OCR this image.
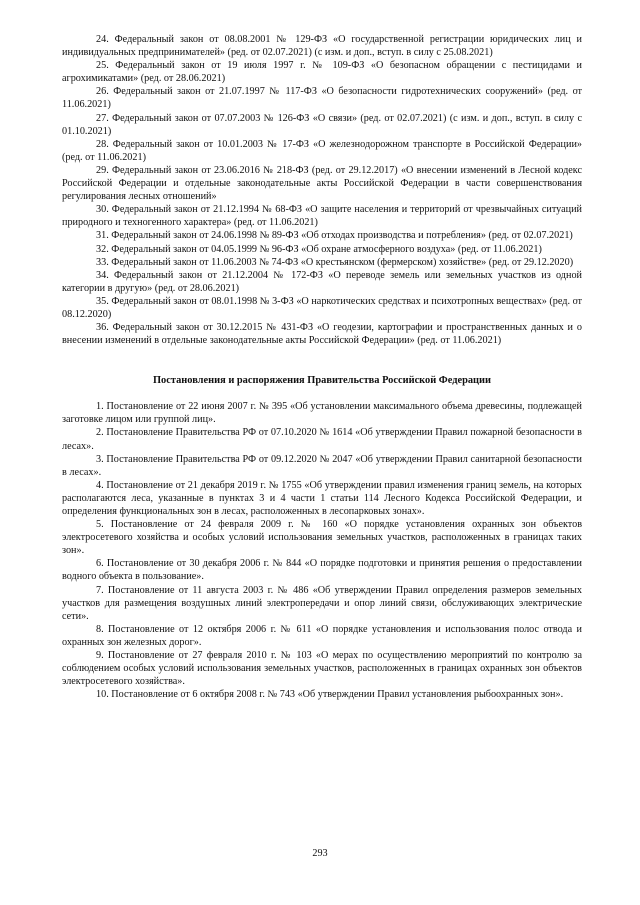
24. Федеральный закон от 08.08.2001 № 129-ФЗ «О государственной регистрации юридических лиц и индивидуальных предпринимателей» (ред. от 02.07.2021) (с изм. и доп., вступ. в силу с 25.08.2021)

25. Федеральный закон от 19 июля 1997 г. № 109-ФЗ «О безопасном обращении с пестицидами и агрохимикатами» (ред. от 28.06.2021)

26. Федеральный закон от 21.07.1997 № 117-ФЗ «О безопасности гидротехнических сооружений» (ред. от 11.06.2021)

27. Федеральный закон от 07.07.2003 № 126-ФЗ «О связи» (ред. от 02.07.2021) (с изм. и доп., вступ. в силу с 01.10.2021)

28. Федеральный закон от 10.01.2003 № 17-ФЗ «О железнодорожном транспорте в Российской Федерации» (ред. от 11.06.2021)

29. Федеральный закон от 23.06.2016 № 218-ФЗ (ред. от 29.12.2017) «О внесении изменений в Лесной кодекс Российской Федерации и отдельные законодательные акты Российской Федерации в части совершенствования регулирования лесных отношений»

30. Федеральный закон от 21.12.1994 № 68-ФЗ «О защите населения и территорий от чрезвычайных ситуаций природного и техногенного характера» (ред. от 11.06.2021)

31. Федеральный закон от 24.06.1998 № 89-ФЗ «Об отходах производства и потребления» (ред. от 02.07.2021)

32. Федеральный закон от 04.05.1999 № 96-ФЗ «Об охране атмосферного воздуха» (ред. от 11.06.2021)

33. Федеральный закон от 11.06.2003 № 74-ФЗ «О крестьянском (фермерском) хозяйстве» (ред. от 29.12.2020)

34. Федеральный закон от 21.12.2004 № 172-ФЗ «О переводе земель или земельных участков из одной категории в другую» (ред. от 28.06.2021)

35. Федеральный закон от 08.01.1998 № 3-ФЗ «О наркотических средствах и психотропных веществах» (ред. от 08.12.2020)

36. Федеральный закон от 30.12.2015 № 431-ФЗ «О геодезии, картографии и пространственных данных и о внесении изменений в отдельные законодательные акты Российской Федерации» (ред. от 11.06.2021)

Постановления и распоряжения Правительства Российской Федерации

1. Постановление от 22 июня 2007 г. № 395 «Об установлении максимального объема древесины, подлежащей заготовке лицом или группой лиц».

2. Постановление Правительства РФ от 07.10.2020 № 1614 «Об утверждении Правил пожарной безопасности в лесах».

3. Постановление Правительства РФ от 09.12.2020 № 2047 «Об утверждении Правил санитарной безопасности в лесах».

4. Постановление от 21 декабря 2019 г. № 1755 «Об утверждении правил изменения границ земель, на которых располагаются леса, указанные в пунктах 3 и 4 части 1 статьи 114 Лесного Кодекса Российской Федерации, и определения функциональных зон в лесах, расположенных в лесопарковых зонах».

5. Постановление от 24 февраля 2009 г. № 160 «О порядке установления охранных зон объектов электросетевого хозяйства и особых условий использования земельных участков, расположенных в границах таких зон».

6. Постановление от 30 декабря 2006 г. № 844 «О порядке подготовки и принятия решения о предоставлении водного объекта в пользование».

7. Постановление от 11 августа 2003 г. № 486 «Об утверждении Правил определения размеров земельных участков для размещения воздушных линий электропередачи и опор линий связи, обслуживающих электрические сети».

8. Постановление от 12 октября 2006 г. № 611 «О порядке установления и использования полос отвода и охранных зон железных дорог».

9. Постановление от 27 февраля 2010 г. № 103 «О мерах по осуществлению мероприятий по контролю за соблюдением особых условий использования земельных участков, расположенных в границах охранных зон объектов электросетевого хозяйства».

10. Постановление от 6 октября 2008 г. № 743 «Об утверждении Правил установления рыбоохранных зон».

293
